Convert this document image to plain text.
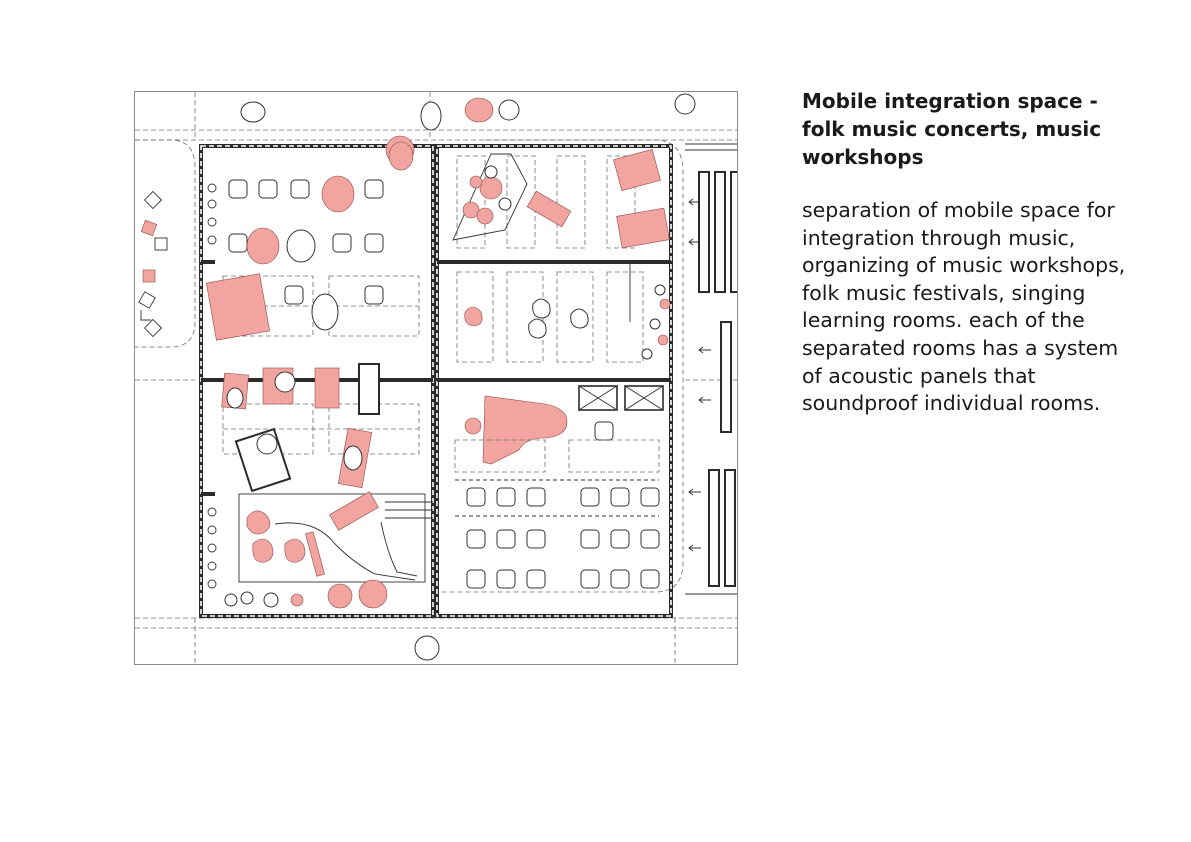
Mobile integration space - folk music concerts, music workshops

separation of mobile space for integration through music, organizing of music workshops, folk music festivals, singing learning rooms. each of the separated rooms has a system of acoustic panels that soundproof individual rooms.
